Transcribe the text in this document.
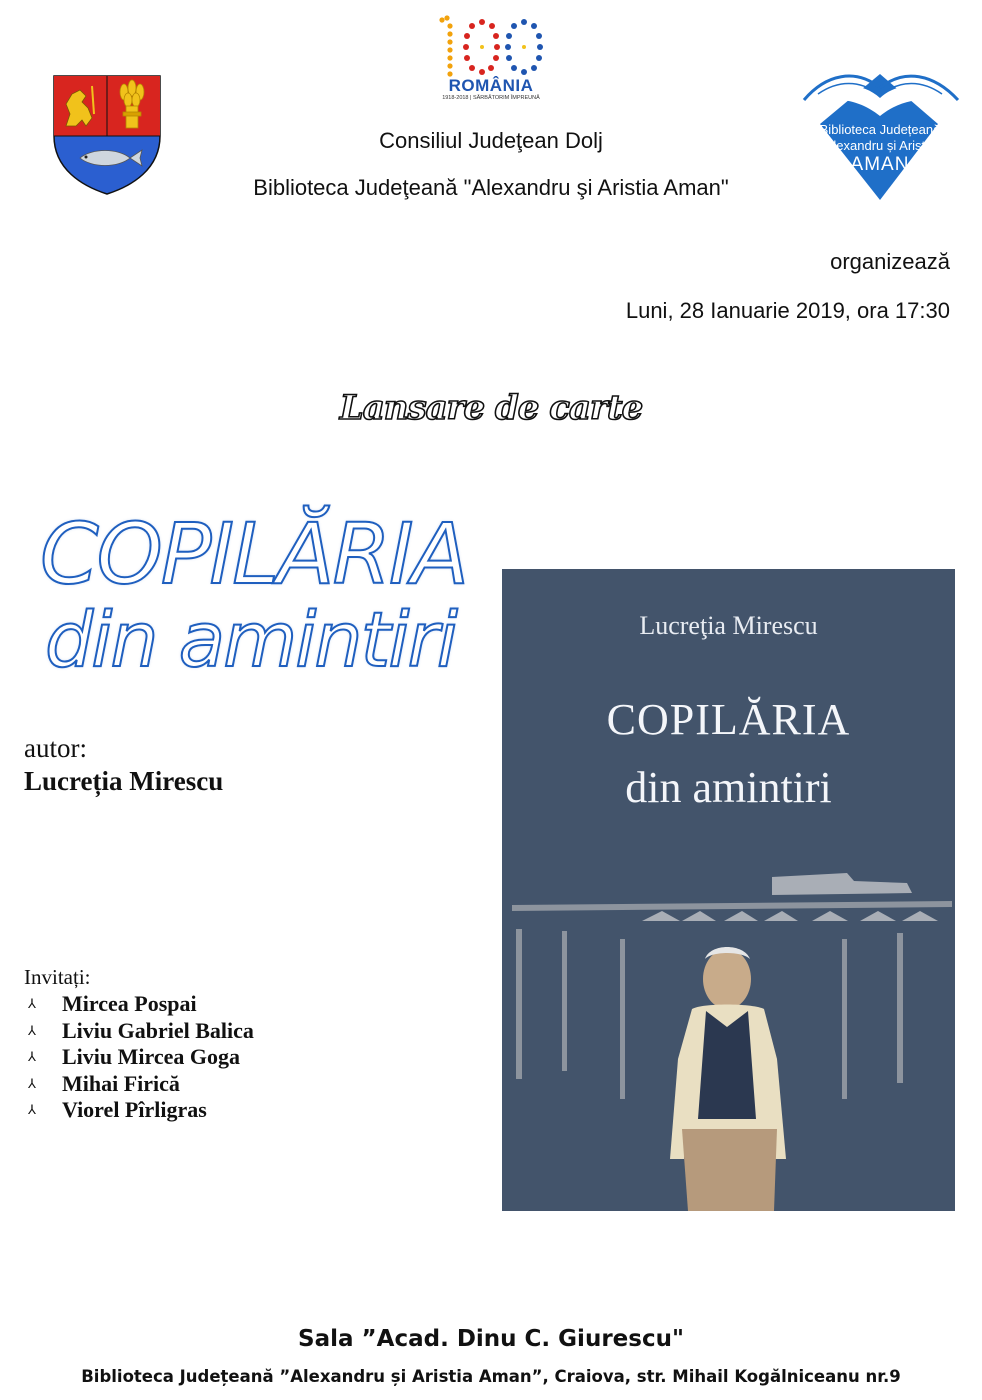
ROMÂNIA
1918-2018 | SĂRBĂTORIM ÎMPREUNĂ
Biblioteca Județeană
Alexandru și Aristia
AMAN
Consiliul Judeţean Dolj
Biblioteca Judeţeană "Alexandru şi Aristia Aman"
organizează
Luni, 28 Ianuarie 2019, ora 17:30
Lansare de carte
COPILĂRIA
din amintiri
autor:
Lucreția Mirescu
Invitați:
⅄	Mircea Pospai
⅄	Liviu Gabriel Balica
⅄	Liviu Mircea Goga
⅄	Mihai Firică
⅄	Viorel Pîrligras
Lucreţia Mirescu
COPILĂRIA
din amintiri
Sala ”Acad. Dinu C. Giurescu"
Biblioteca Județeană ”Alexandru și Aristia Aman”, Craiova, str. Mihail Kogălniceanu nr.9
